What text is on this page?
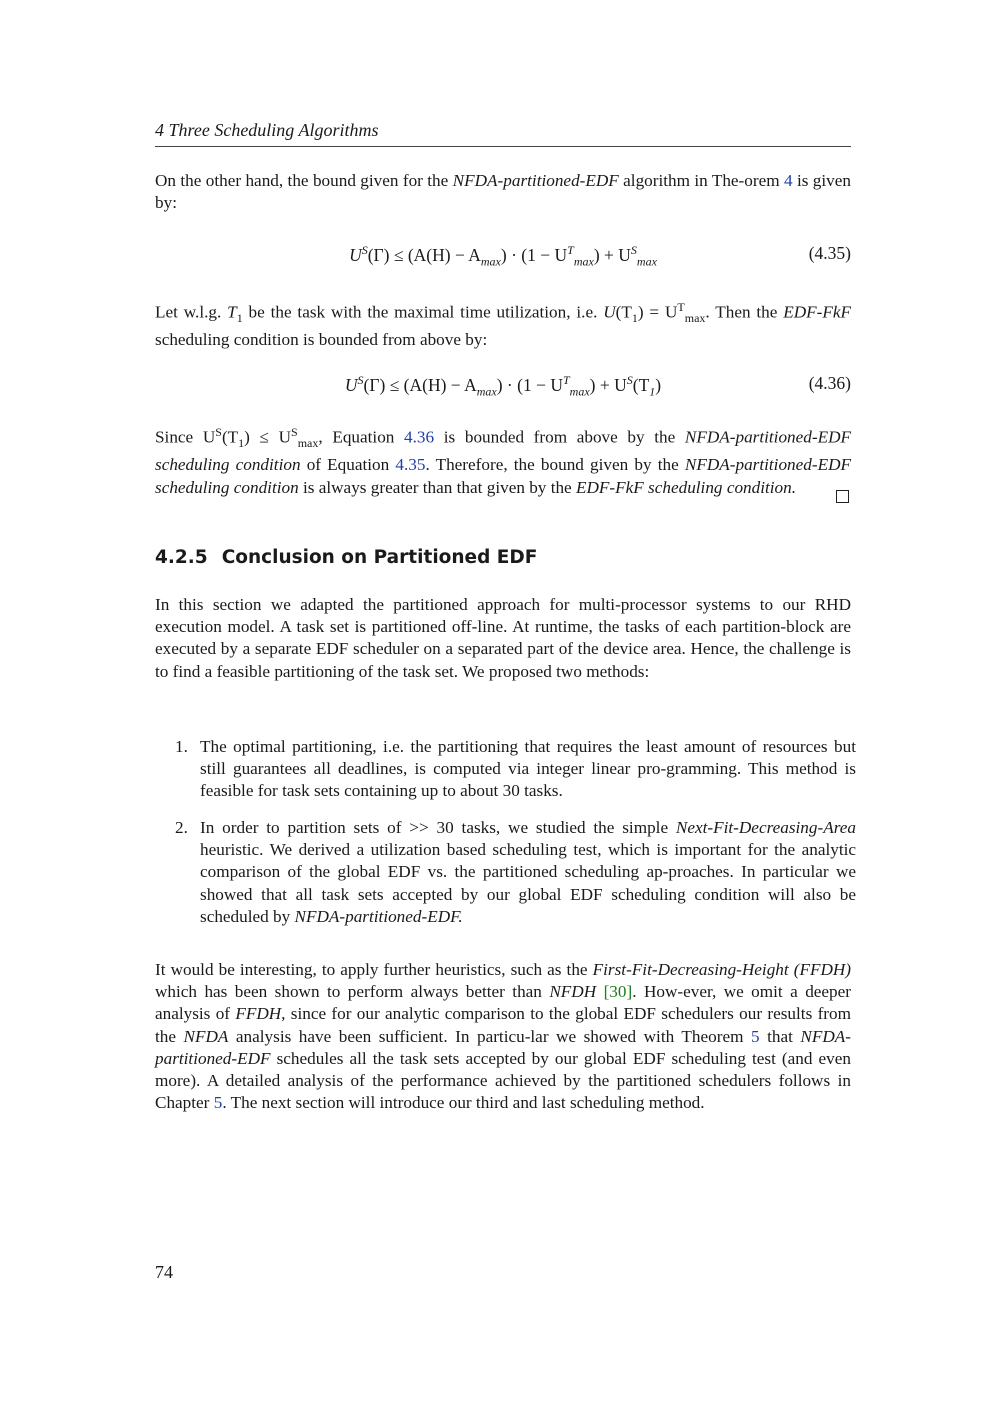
4 Three Scheduling Algorithms

On the other hand, the bound given for the NFDA-partitioned-EDF algorithm in The-orem 4 is given by:

$U^S(\Gamma) \le (A(H) - A_{max}) \cdot (1 - U^T_{max}) + U^S_{max}$	(4.35)

Let w.l.g. $T_1$ be the task with the maximal time utilization, i.e. $U(T_1) = U^T_{max}$. Then the EDF-FkF scheduling condition is bounded from above by:

$U^S(\Gamma) \le (A(H) - A_{max}) \cdot (1 - U^T_{max}) + U^S(T_1)$	(4.36)

Since $U^S(T_1) \le U^S_{max}$, Equation 4.36 is bounded from above by the NFDA-partitioned-EDF scheduling condition of Equation 4.35. Therefore, the bound given by the NFDA-partitioned-EDF scheduling condition is always greater than that given by the EDF-FkF scheduling condition.

4.2.5 Conclusion on Partitioned EDF

In this section we adapted the partitioned approach for multi-processor systems to our RHD execution model. A task set is partitioned off-line. At runtime, the tasks of each partition-block are executed by a separate EDF scheduler on a separated part of the device area. Hence, the challenge is to find a feasible partitioning of the task set. We proposed two methods:

1. The optimal partitioning, i.e. the partitioning that requires the least amount of resources but still guarantees all deadlines, is computed via integer linear pro-gramming. This method is feasible for task sets containing up to about 30 tasks.
2. In order to partition sets of >> 30 tasks, we studied the simple Next-Fit-Decreasing-Area heuristic. We derived a utilization based scheduling test, which is important for the analytic comparison of the global EDF vs. the partitioned scheduling ap-proaches. In particular we showed that all task sets accepted by our global EDF scheduling condition will also be scheduled by NFDA-partitioned-EDF.

It would be interesting, to apply further heuristics, such as the First-Fit-Decreasing-Height (FFDH) which has been shown to perform always better than NFDH [30]. How-ever, we omit a deeper analysis of FFDH, since for our analytic comparison to the global EDF schedulers our results from the NFDA analysis have been sufficient. In particu-lar we showed with Theorem 5 that NFDA-partitioned-EDF schedules all the task sets accepted by our global EDF scheduling test (and even more). A detailed analysis of the performance achieved by the partitioned schedulers follows in Chapter 5. The next section will introduce our third and last scheduling method.

74
